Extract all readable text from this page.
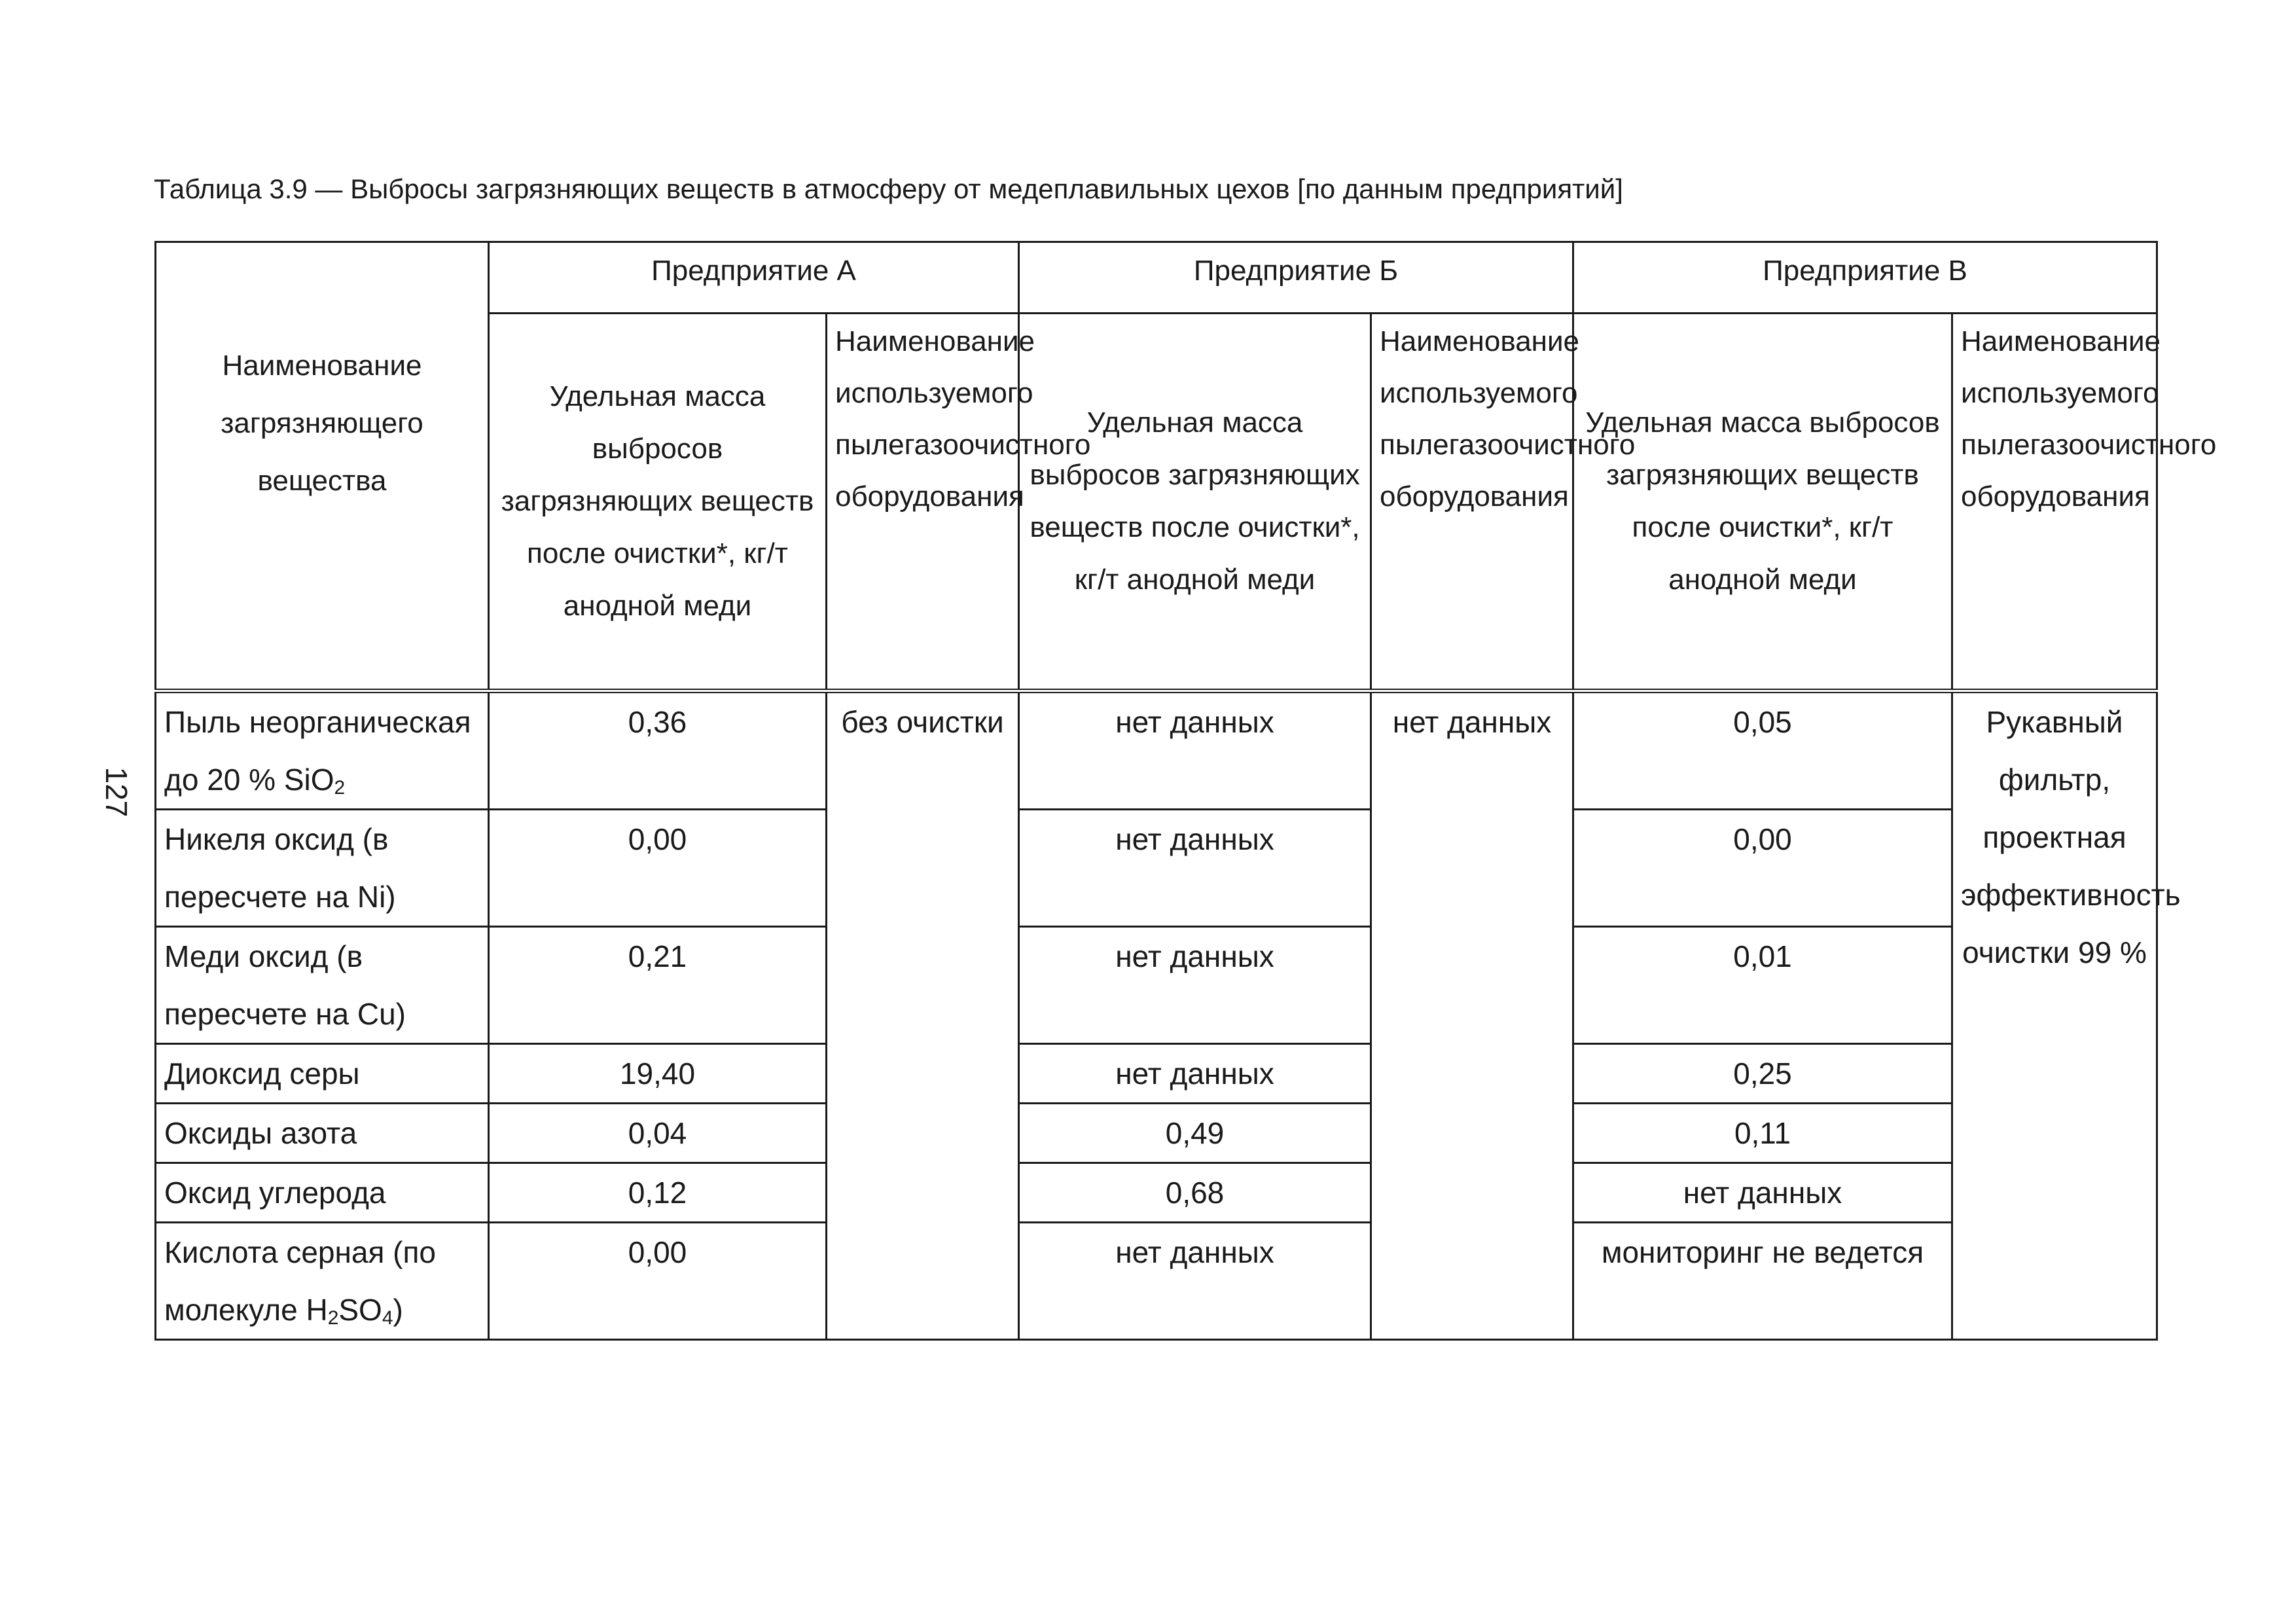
Таблица 3.9 — Выбросы загрязняющих веществ в атмосферу от медеплавильных цехов [по данным предприятий]
127
Наименование загрязняющего вещества	Предприятие А		Предприятие Б		Предприятие В	
	Удельная масса выбросов загрязняющих веществ после очистки*, кг/т анодной меди	Наименование используемого пылегазоочистного оборудования	Удельная масса выбросов загрязняющих веществ после очистки*, кг/т анодной меди	Наименование используемого пылегазоочистного оборудования	Удельная масса выбросов загрязняющих веществ после очистки*, кг/т анодной меди	Наименование используемого пылегазоочистного оборудования
Пыль неорганическая до 20 % SiO$_2$	0,36	без очистки	нет данных	нет данных	0,05	Рукавный фильтр, проектная эффективность очистки 99 %
Никеля оксид (в пересчете на Ni)	0,00		нет данных		0,00	
Меди оксид (в пересчете на Cu)	0,21		нет данных		0,01	
Диоксид серы	19,40		нет данных		0,25	
Оксиды азота	0,04		0,49		0,11	
Оксид углерода	0,12		0,68		нет данных	
Кислота серная (по молекуле $H_2SO_4$)	0,00		нет данных		мониторинг не ведется	
